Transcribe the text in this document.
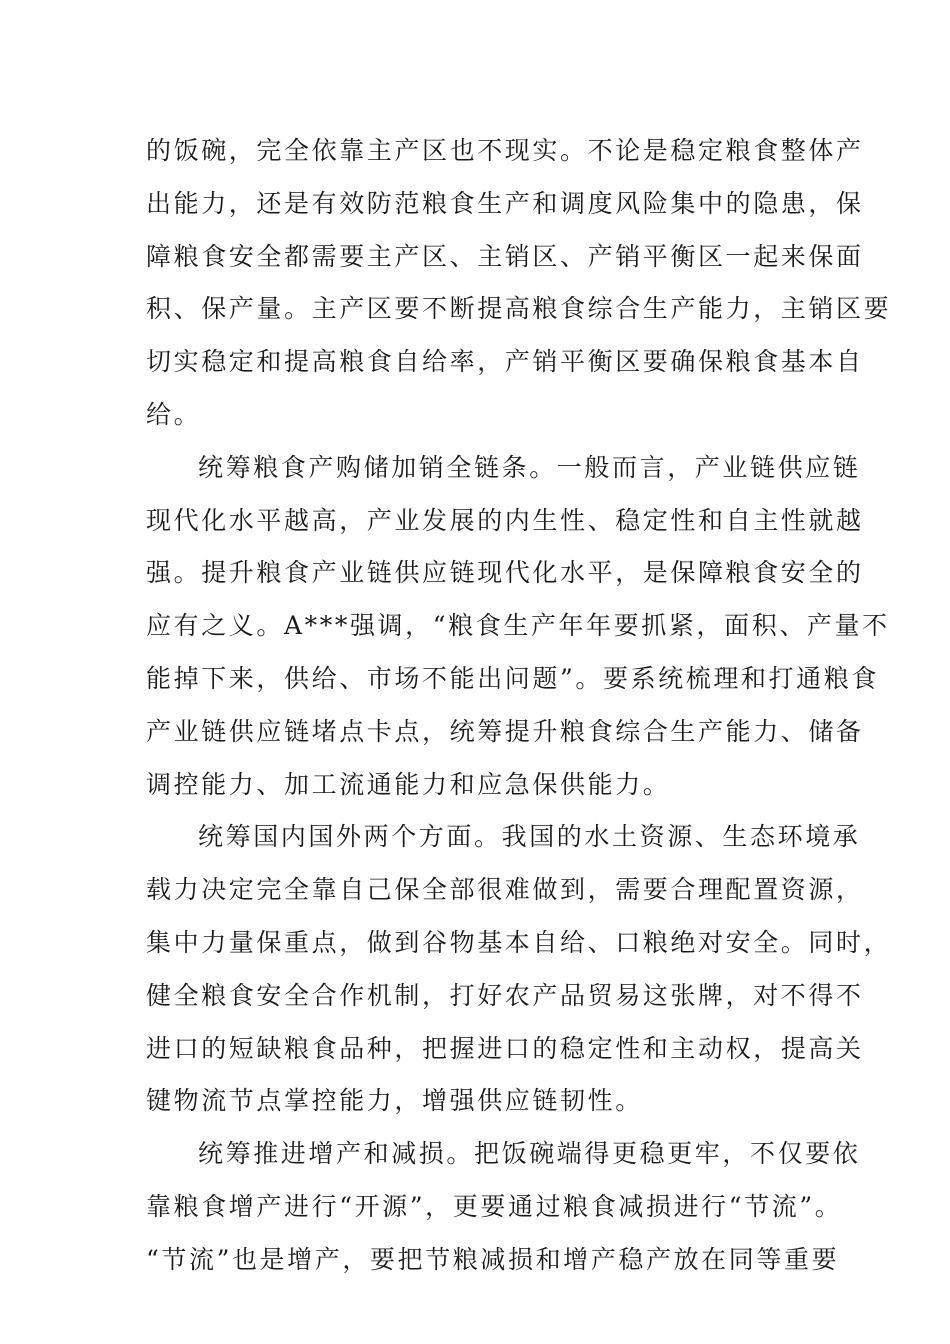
的饭碗，完全依靠主产区也不现实。不论是稳定粮食整体产
出能力，还是有效防范粮食生产和调度风险集中的隐患，保
障粮食安全都需要主产区、主销区、产销平衡区一起来保面
积、保产量。主产区要不断提高粮食综合生产能力，主销区要
切实稳定和提高粮食自给率，产销平衡区要确保粮食基本自
给。
统筹粮食产购储加销全链条。一般而言，产业链供应链
现代化水平越高，产业发展的内生性、稳定性和自主性就越
强。提升粮食产业链供应链现代化水平，是保障粮食安全的
应有之义。A***强调，“粮食生产年年要抓紧，面积、产量不
能掉下来，供给、市场不能出问题”。要系统梳理和打通粮食
产业链供应链堵点卡点，统筹提升粮食综合生产能力、储备
调控能力、加工流通能力和应急保供能力。
统筹国内国外两个方面。我国的水土资源、生态环境承
载力决定完全靠自己保全部很难做到，需要合理配置资源，
集中力量保重点，做到谷物基本自给、口粮绝对安全。同时，
健全粮食安全合作机制，打好农产品贸易这张牌，对不得不
进口的短缺粮食品种，把握进口的稳定性和主动权，提高关
键物流节点掌控能力，增强供应链韧性。
统筹推进增产和减损。把饭碗端得更稳更牢，不仅要依
靠粮食增产进行“开源”，更要通过粮食减损进行“节流”。
“节流”也是增产，要把节粮减损和增产稳产放在同等重要
